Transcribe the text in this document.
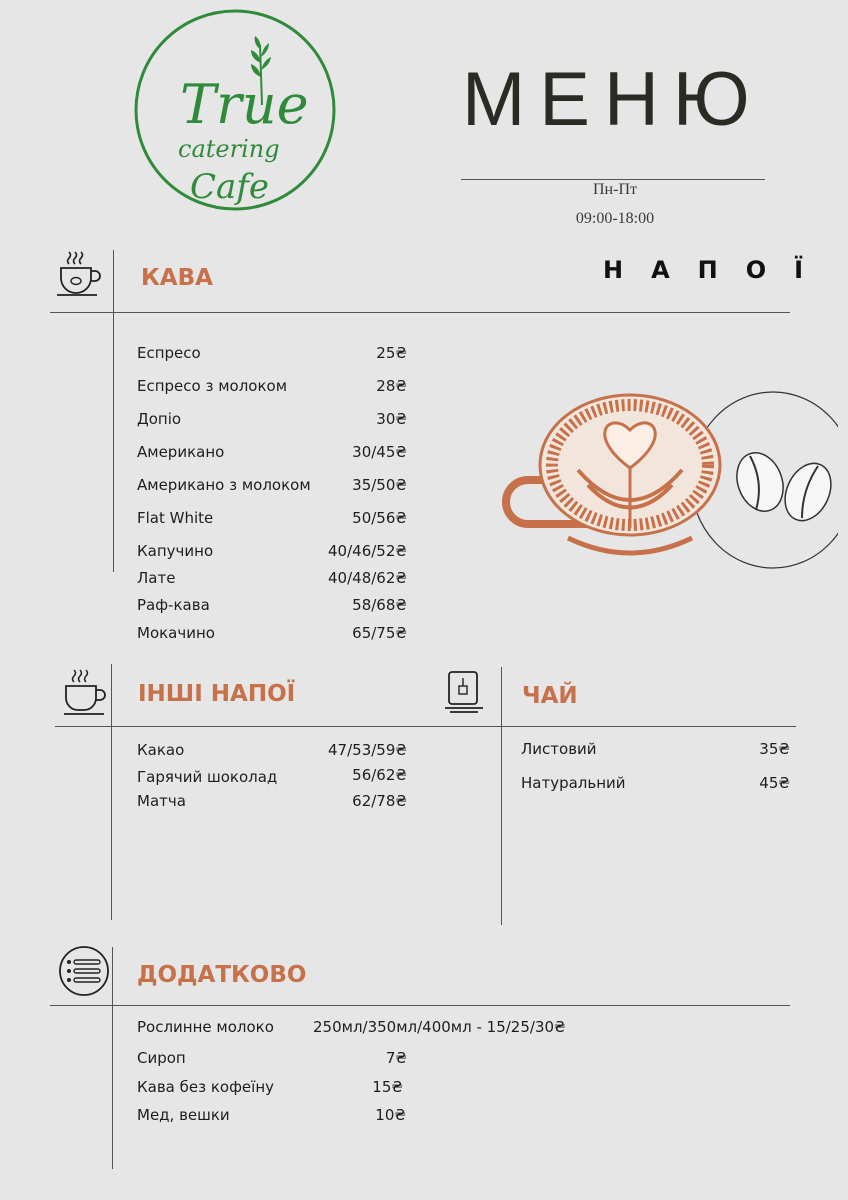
True
catering
Cafe
МЕНЮ
Пн-Пт
09:00-18:00
НАПОЇ
КАВА
Еспресо	25₴
Еспресо з молоком	28₴
Допіо	30₴
Американо	30/45₴
Американо з молоком	35/50₴
Flat White	50/56₴
Капучино	40/46/52₴
Лате	40/48/62₴
Раф-кава	58/68₴
Мокачино	65/75₴
ІНШІ НАПОЇ	ЧАЙ
Какао	47/53/59₴
Гарячий шоколад	56/62₴
Матча	62/78₴
Листовий	35₴
Натуральний	45₴
ДОДАТКОВО
Рослинне молоко	250мл/350мл/400мл - 15/25/30₴
Сироп	7₴
Кава без кофеїну	15₴
Мед, вешки	10₴
